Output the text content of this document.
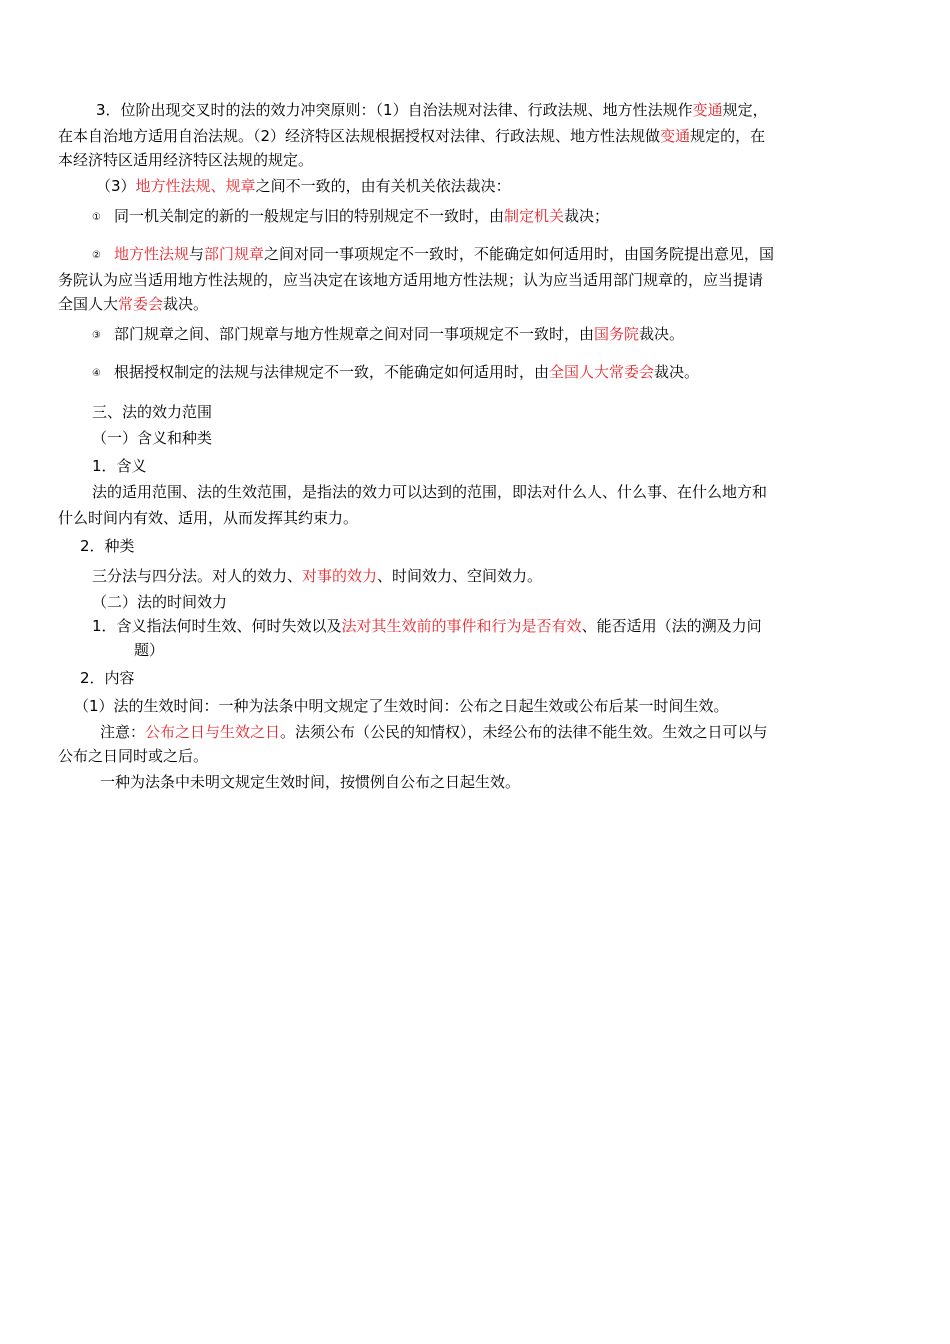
3．位阶出现交叉时的法的效力冲突原则：（1）自治法规对法律、行政法规、地方性法规作变通规定，
在本自治地方适用自治法规。（2）经济特区法规根据授权对法律、行政法规、地方性法规做变通规定的，在
本经济特区适用经济特区法规的规定。
（3）地方性法规、规章之间不一致的，由有关机关依法裁决：
① 同一机关制定的新的一般规定与旧的特别规定不一致时，由制定机关裁决；
② 地方性法规与部门规章之间对同一事项规定不一致时，不能确定如何适用时，由国务院提出意见，国
务院认为应当适用地方性法规的，应当决定在该地方适用地方性法规；认为应当适用部门规章的，应当提请
全国人大常委会裁决。
③ 部门规章之间、部门规章与地方性规章之间对同一事项规定不一致时，由国务院裁决。
④ 根据授权制定的法规与法律规定不一致，不能确定如何适用时，由全国人大常委会裁决。
三、法的效力范围
（一）含义和种类
1．含义
法的适用范围、法的生效范围，是指法的效力可以达到的范围，即法对什么人、什么事、在什么地方和
什么时间内有效、适用，从而发挥其约束力。
2．种类
三分法与四分法。对人的效力、对事的效力、时间效力、空间效力。
（二）法的时间效力
1．含义指法何时生效、何时失效以及法对其生效前的事件和行为是否有效、能否适用（法的溯及力问
题）
2．内容
（1）法的生效时间：一种为法条中明文规定了生效时间：公布之日起生效或公布后某一时间生效。
注意：公布之日与生效之日。法须公布（公民的知情权），未经公布的法律不能生效。生效之日可以与
公布之日同时或之后。
一种为法条中未明文规定生效时间，按惯例自公布之日起生效。
